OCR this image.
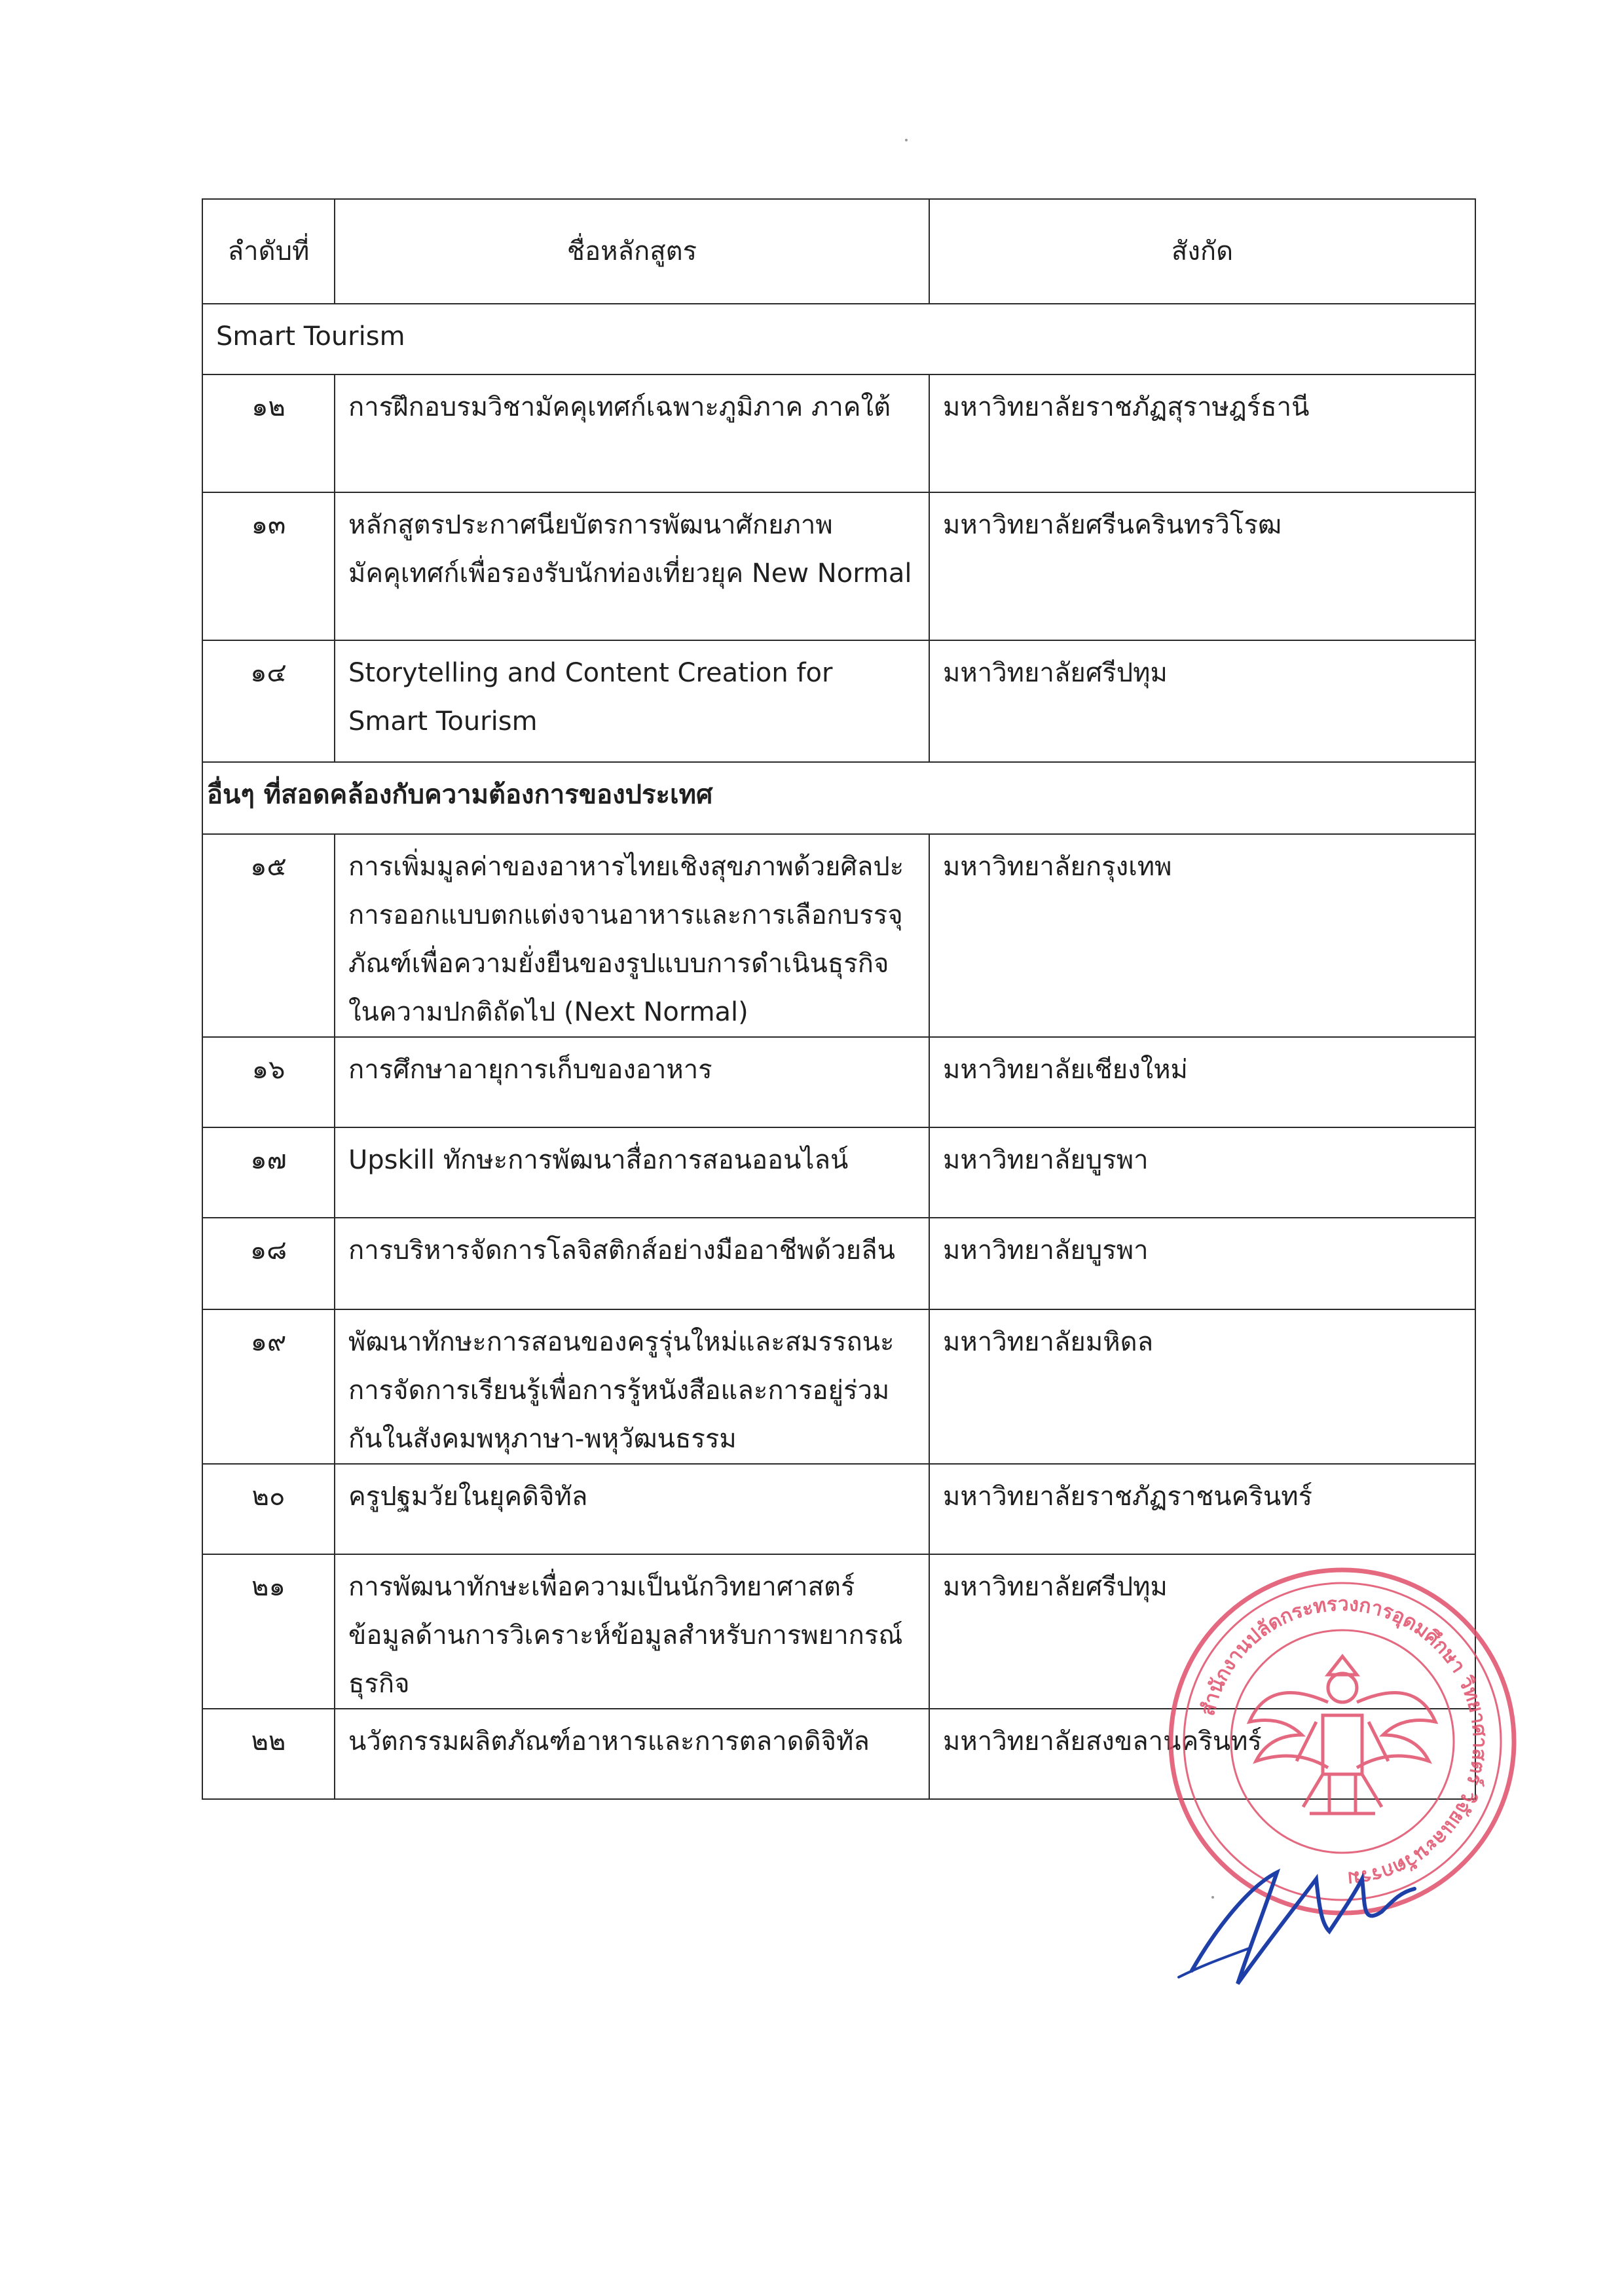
ลำดับที่	ชื่อหลักสูตร	สังกัด
Smart Tourism		
๑๒	การฝึกอบรมวิชามัคคุเทศก์เฉพาะภูมิภาค ภาคใต้	มหาวิทยาลัยราชภัฏสุราษฎร์ธานี
๑๓	หลักสูตรประกาศนียบัตรการพัฒนาศักยภาพมัคคุเทศก์เพื่อรองรับนักท่องเที่ยวยุค New Normal	มหาวิทยาลัยศรีนครินทรวิโรฒ
๑๔	Storytelling and Content Creation for Smart Tourism	มหาวิทยาลัยศรีปทุม
อื่นๆ ที่สอดคล้องกับความต้องการของประเทศ		
๑๕	การเพิ่มมูลค่าของอาหารไทยเชิงสุขภาพด้วยศิลปะการออกแบบตกแต่งจานอาหารและการเลือกบรรจุภัณฑ์เพื่อความยั่งยืนของรูปแบบการดำเนินธุรกิจในความปกติถัดไป (Next Normal)	มหาวิทยาลัยกรุงเทพ
๑๖	การศึกษาอายุการเก็บของอาหาร	มหาวิทยาลัยเชียงใหม่
๑๗	Upskill ทักษะการพัฒนาสื่อการสอนออนไลน์	มหาวิทยาลัยบูรพา
๑๘	การบริหารจัดการโลจิสติกส์อย่างมืออาชีพด้วยลีน	มหาวิทยาลัยบูรพา
๑๙	พัฒนาทักษะการสอนของครูรุ่นใหม่และสมรรถนะการจัดการเรียนรู้เพื่อการรู้หนังสือและการอยู่ร่วมกันในสังคมพหุภาษา-พหุวัฒนธรรม	มหาวิทยาลัยมหิดล
๒๐	ครูปฐมวัยในยุคดิจิทัล	มหาวิทยาลัยราชภัฏราชนครินทร์
๒๑	การพัฒนาทักษะเพื่อความเป็นนักวิทยาศาสตร์ข้อมูลด้านการวิเคราะห์ข้อมูลสำหรับการพยากรณ์ธุรกิจ	มหาวิทยาลัยศรีปทุม
๒๒	นวัตกรรมผลิตภัณฑ์อาหารและการตลาดดิจิทัล	มหาวิทยาลัยสงขลานครินทร์
สำนักงานปลัดกระทรวงการอุดมศึกษา วิทยาศาสตร์ วิจัยและนวัตกรรม
